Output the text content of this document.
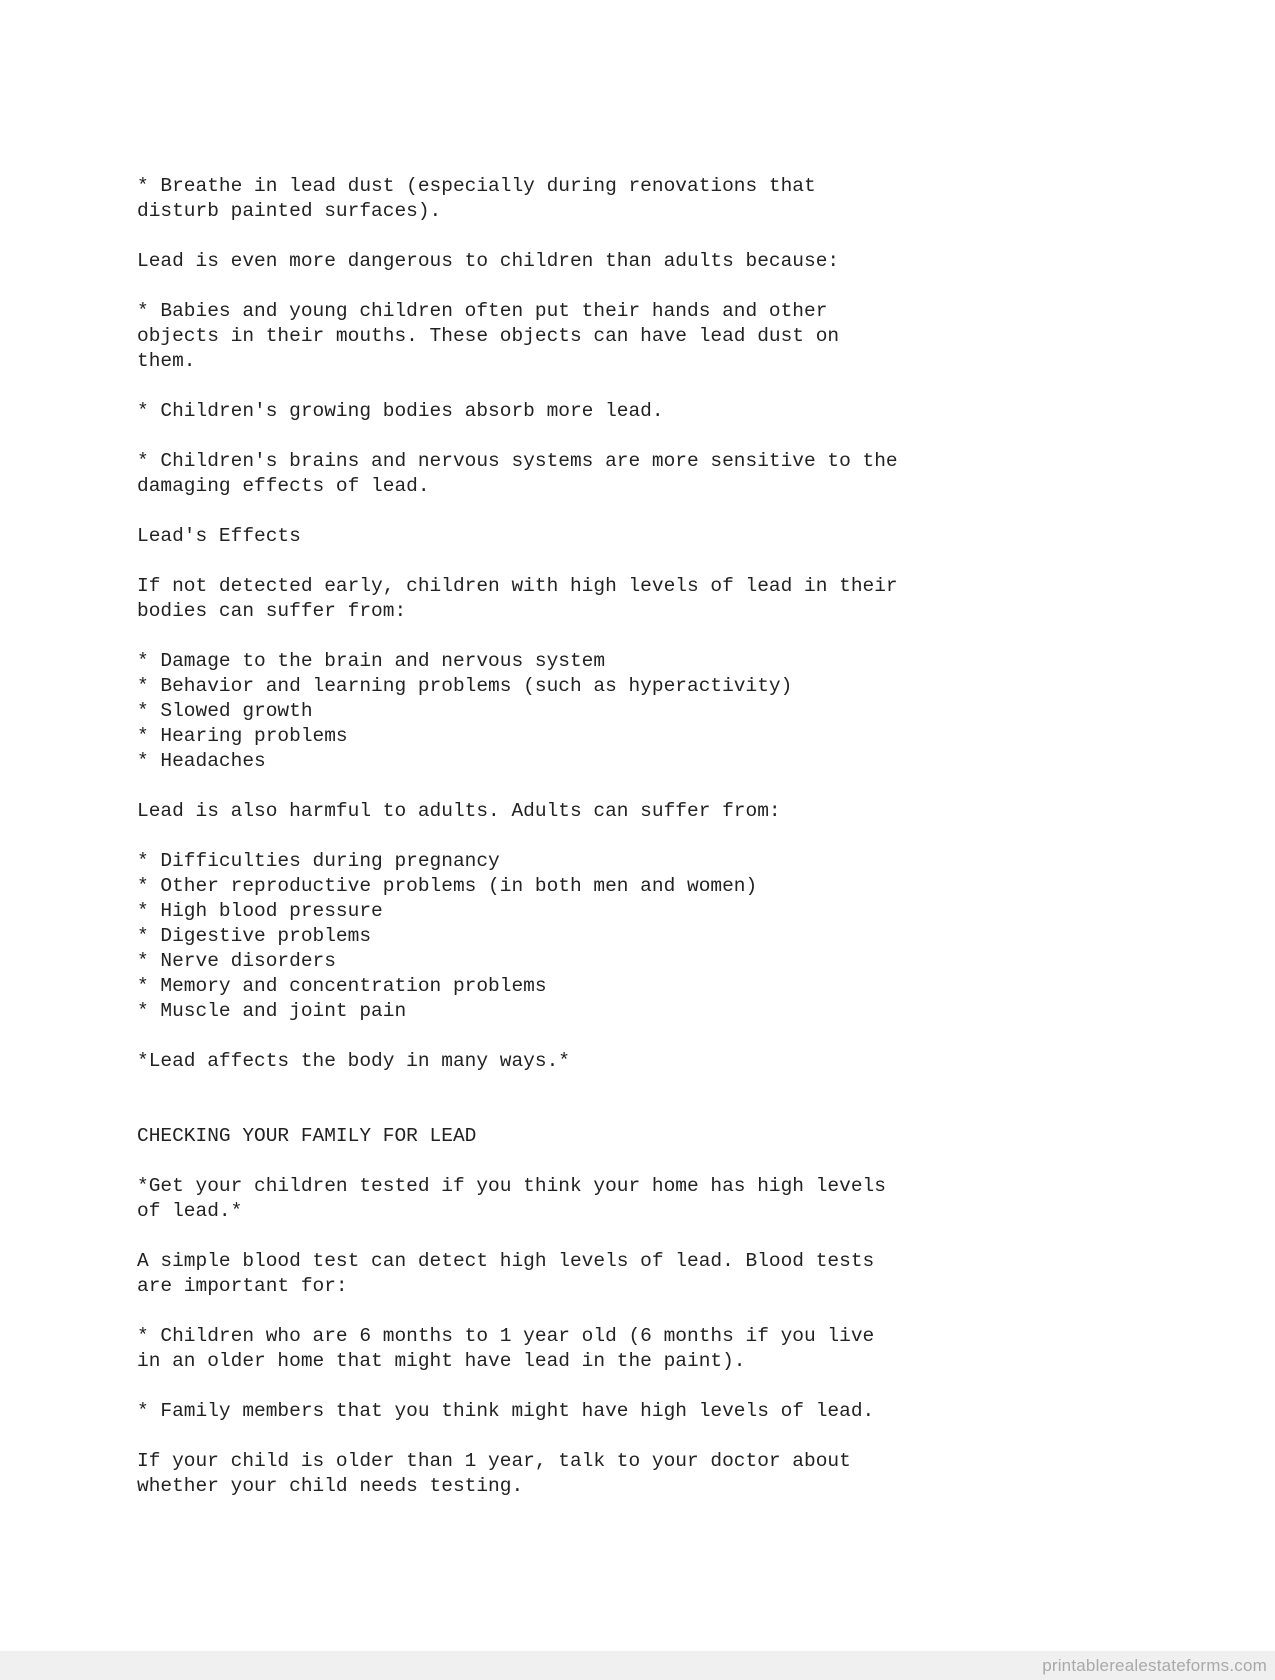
* Breathe in lead dust (especially during renovations that
disturb painted surfaces).

Lead is even more dangerous to children than adults because:

* Babies and young children often put their hands and other
objects in their mouths. These objects can have lead dust on
them.

* Children's growing bodies absorb more lead.

* Children's brains and nervous systems are more sensitive to the
damaging effects of lead.

Lead's Effects

If not detected early, children with high levels of lead in their
bodies can suffer from:

* Damage to the brain and nervous system
* Behavior and learning problems (such as hyperactivity)
* Slowed growth
* Hearing problems
* Headaches

Lead is also harmful to adults. Adults can suffer from:

* Difficulties during pregnancy
* Other reproductive problems (in both men and women)
* High blood pressure
* Digestive problems
* Nerve disorders
* Memory and concentration problems
* Muscle and joint pain

*Lead affects the body in many ways.*

CHECKING YOUR FAMILY FOR LEAD

*Get your children tested if you think your home has high levels
of lead.*

A simple blood test can detect high levels of lead. Blood tests
are important for:

* Children who are 6 months to 1 year old (6 months if you live
in an older home that might have lead in the paint).

* Family members that you think might have high levels of lead.

If your child is older than 1 year, talk to your doctor about
whether your child needs testing.
printablerealestateforms.com
